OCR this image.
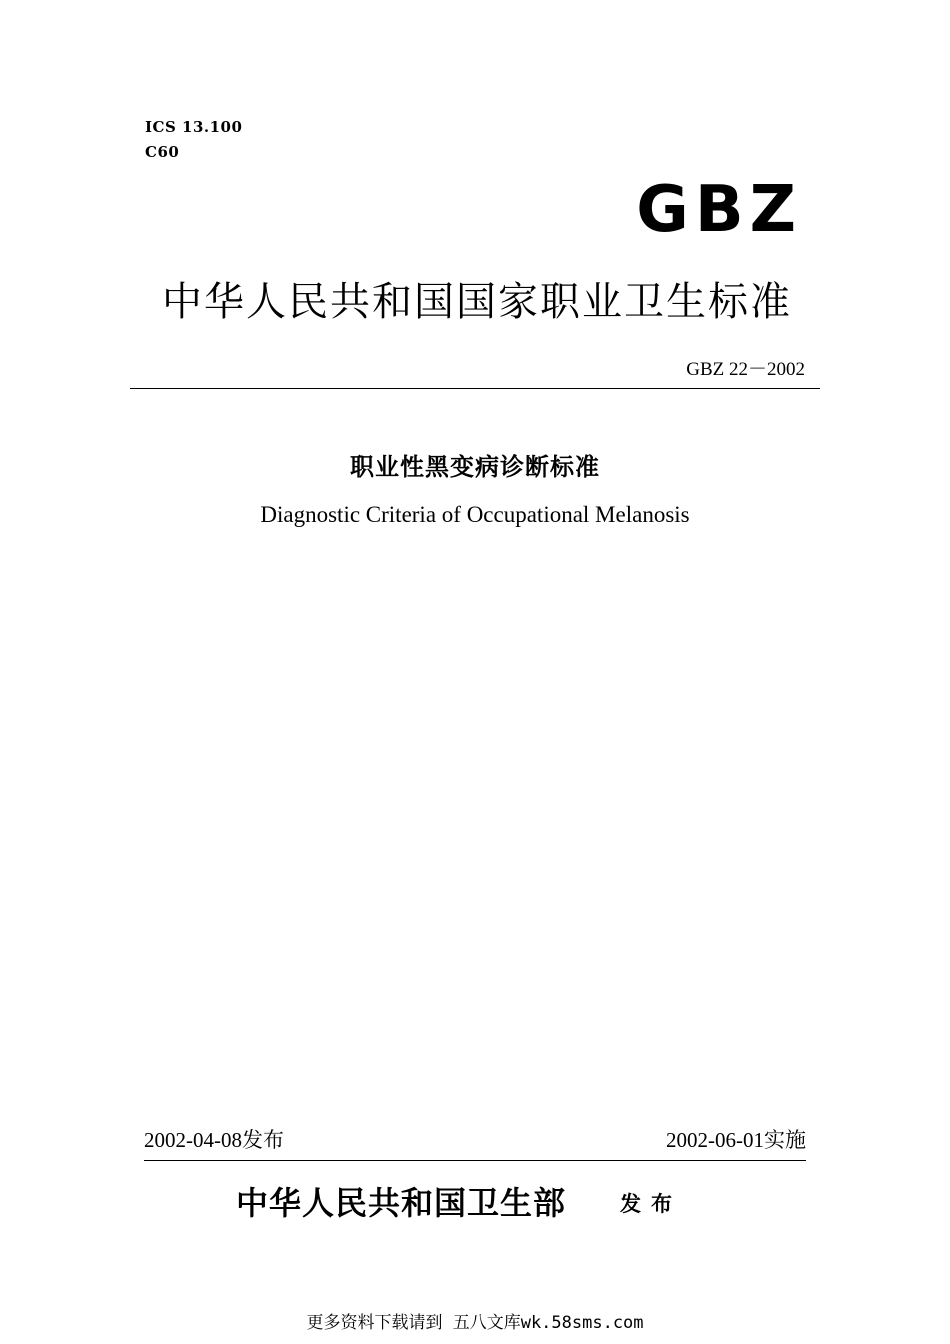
ICS 13.100
C60
GBZ
中华人民共和国国家职业卫生标准
GBZ 22－2002
职业性黑变病诊断标准
Diagnostic Criteria of Occupational Melanosis
2002-04-08发布	2002-06-01实施
中华人民共和国卫生部	发布
更多资料下载请到 五八文库wk.58sms.com
